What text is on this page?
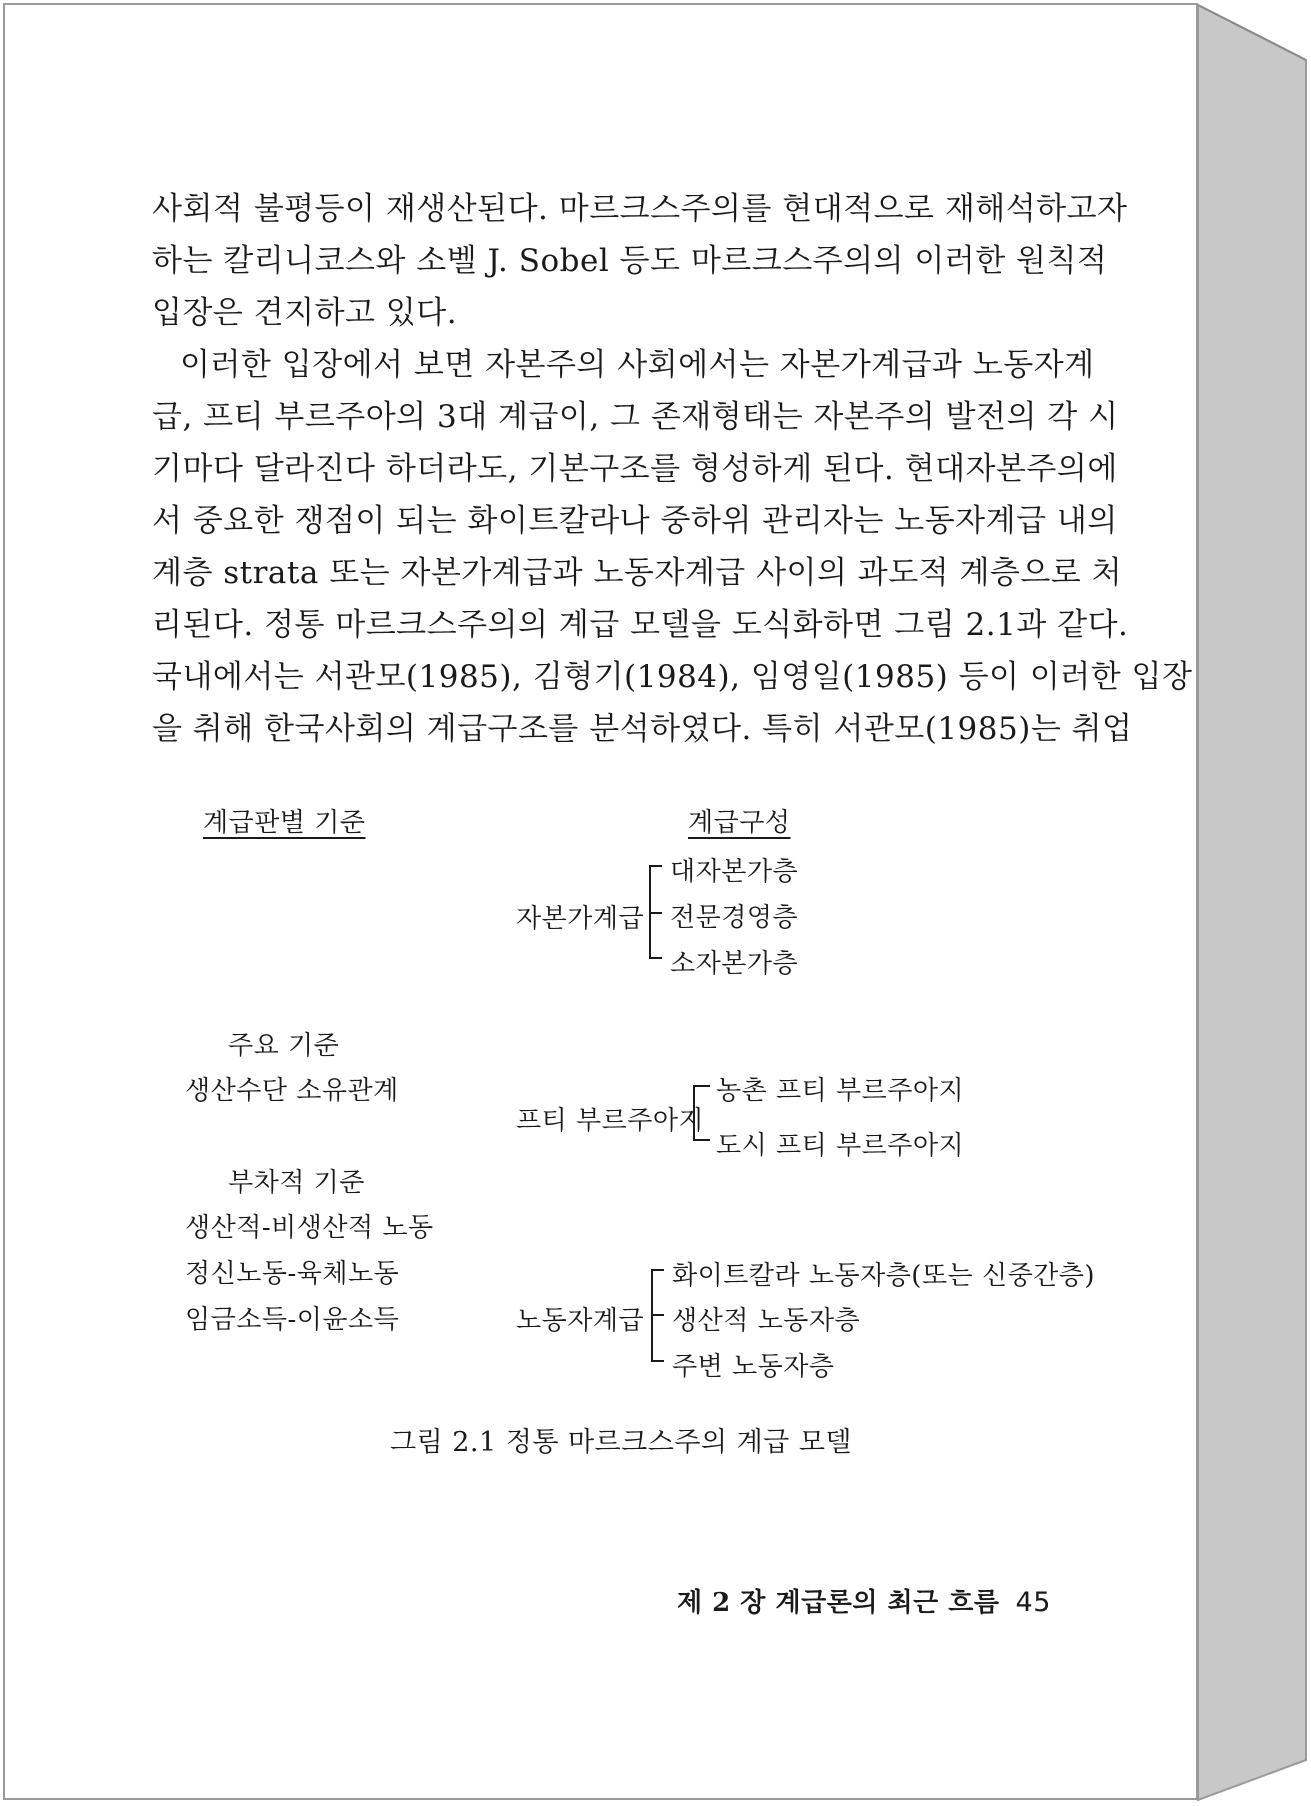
사회적 불평등이 재생산된다. 마르크스주의를 현대적으로 재해석하고자
하는 칼리니코스와 소벨 J. Sobel 등도 마르크스주의의 이러한 원칙적
입장은 견지하고 있다.
이러한 입장에서 보면 자본주의 사회에서는 자본가계급과 노동자계
급, 프티 부르주아의 3대 계급이, 그 존재형태는 자본주의 발전의 각 시
기마다 달라진다 하더라도, 기본구조를 형성하게 된다. 현대자본주의에
서 중요한 쟁점이 되는 화이트칼라나 중하위 관리자는 노동자계급 내의
계층 strata 또는 자본가계급과 노동자계급 사이의 과도적 계층으로 처
리된다. 정통 마르크스주의의 계급 모델을 도식화하면 그림 2.1과 같다.
국내에서는 서관모(1985), 김형기(1984), 임영일(1985) 등이 이러한 입장
을 취해 한국사회의 계급구조를 분석하였다. 특히 서관모(1985)는 취업
계급판별 기준	계급구성
주요 기준
생산수단 소유관계
부차적 기준
생산적-비생산적 노동
정신노동-육체노동
임금소득-이윤소득
자본가계급
대자본가층
전문경영층
소자본가층
프티 부르주아지
농촌 프티 부르주아지
도시 프티 부르주아지
노동자계급
화이트칼라 노동자층(또는 신중간층)
생산적 노동자층
주변 노동자층
그림 2.1 정통 마르크스주의 계급 모델
제 2 장 계급론의 최근 흐름 45
